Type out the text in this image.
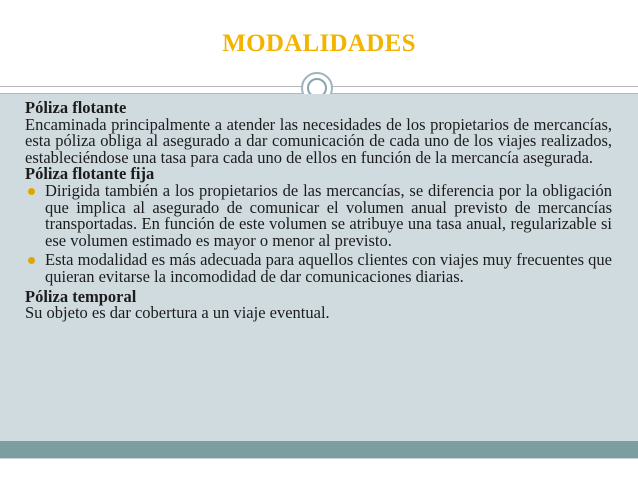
MODALIDADES
Póliza flotante
Encaminada principalmente a atender las necesidades de los propietarios de mercancías, esta póliza obliga al asegurado a dar comunicación de cada uno de los viajes realizados, estableciéndose una tasa para cada uno de ellos en función de la mercancía asegurada.
Póliza flotante fija
Dirigida también a los propietarios de las mercancías, se diferencia por la obligación que implica al asegurado de comunicar el volumen anual previsto de mercancías transportadas. En función de este volumen se atribuye una tasa anual, regularizable si ese volumen estimado es mayor o menor al previsto.
Esta modalidad es más adecuada para aquellos clientes con viajes muy frecuentes que quieran evitarse la incomodidad de dar comunicaciones diarias.
Póliza temporal
Su objeto es dar cobertura a un viaje eventual.
